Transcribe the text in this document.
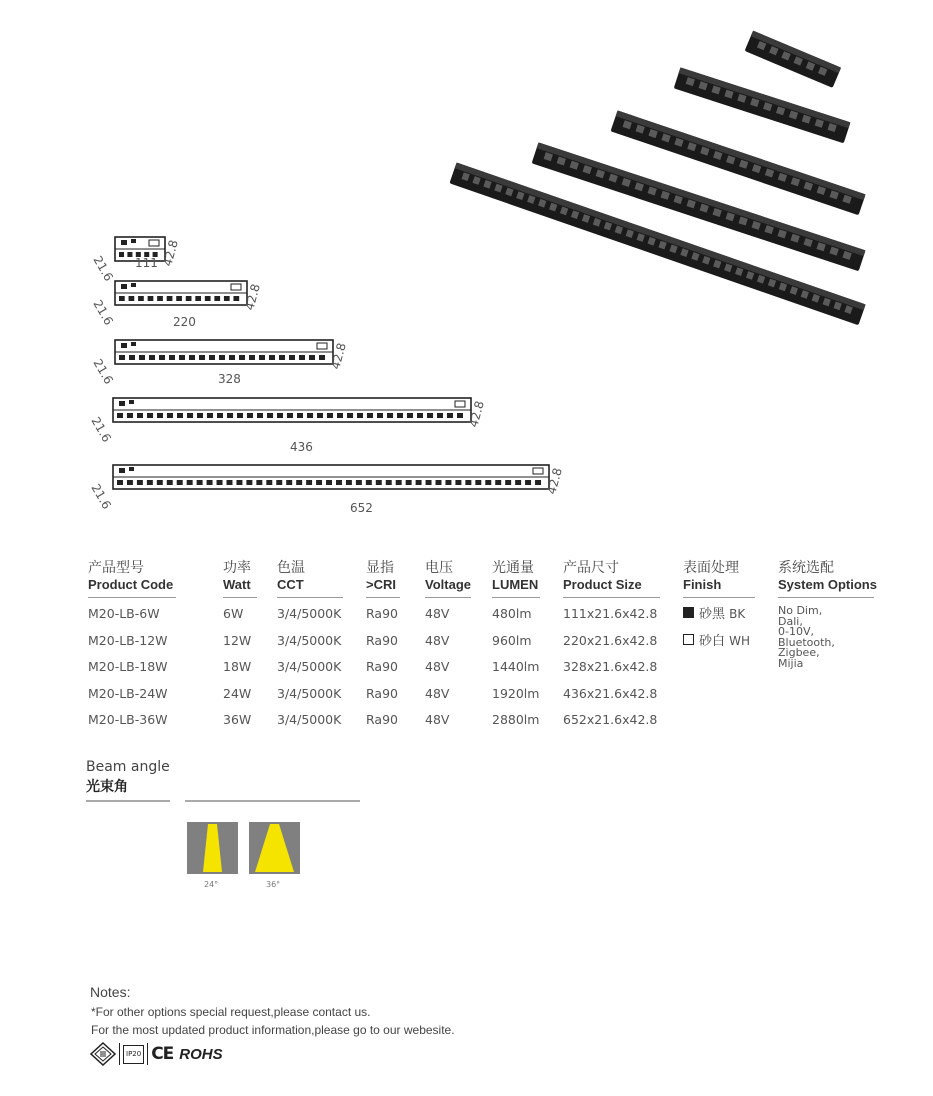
111
21.6
42.8
220
21.6
42.8
328
21.6
42.8
436
21.6
42.8
652
21.6
42.8
产品型号
Product Code
M20-LB-6W
M20-LB-12W
M20-LB-18W
M20-LB-24W
M20-LB-36W
功率
Watt
6W
12W
18W
24W
36W
色温
CCT
3/4/5000K
3/4/5000K
3/4/5000K
3/4/5000K
3/4/5000K
显指
>CRI
Ra90
Ra90
Ra90
Ra90
Ra90
电压
Voltage
48V
48V
48V
48V
48V
光通量
LUMEN
480lm
960lm
1440lm
1920lm
2880lm
产品尺寸
Product Size
111x21.6x42.8
220x21.6x42.8
328x21.6x42.8
436x21.6x42.8
652x21.6x42.8
表面处理
Finish
砂黑 BK
砂白 WH
系统选配
System Options
No Dim,
Dali,
0-10V,
Bluetooth,
Zigbee,
Mijia
Beam angle
光束角
24°	36°
Notes:
*For other options special request,please contact us.
For the most updated product information,please go to our webesite.
IP20 CE ROHS
